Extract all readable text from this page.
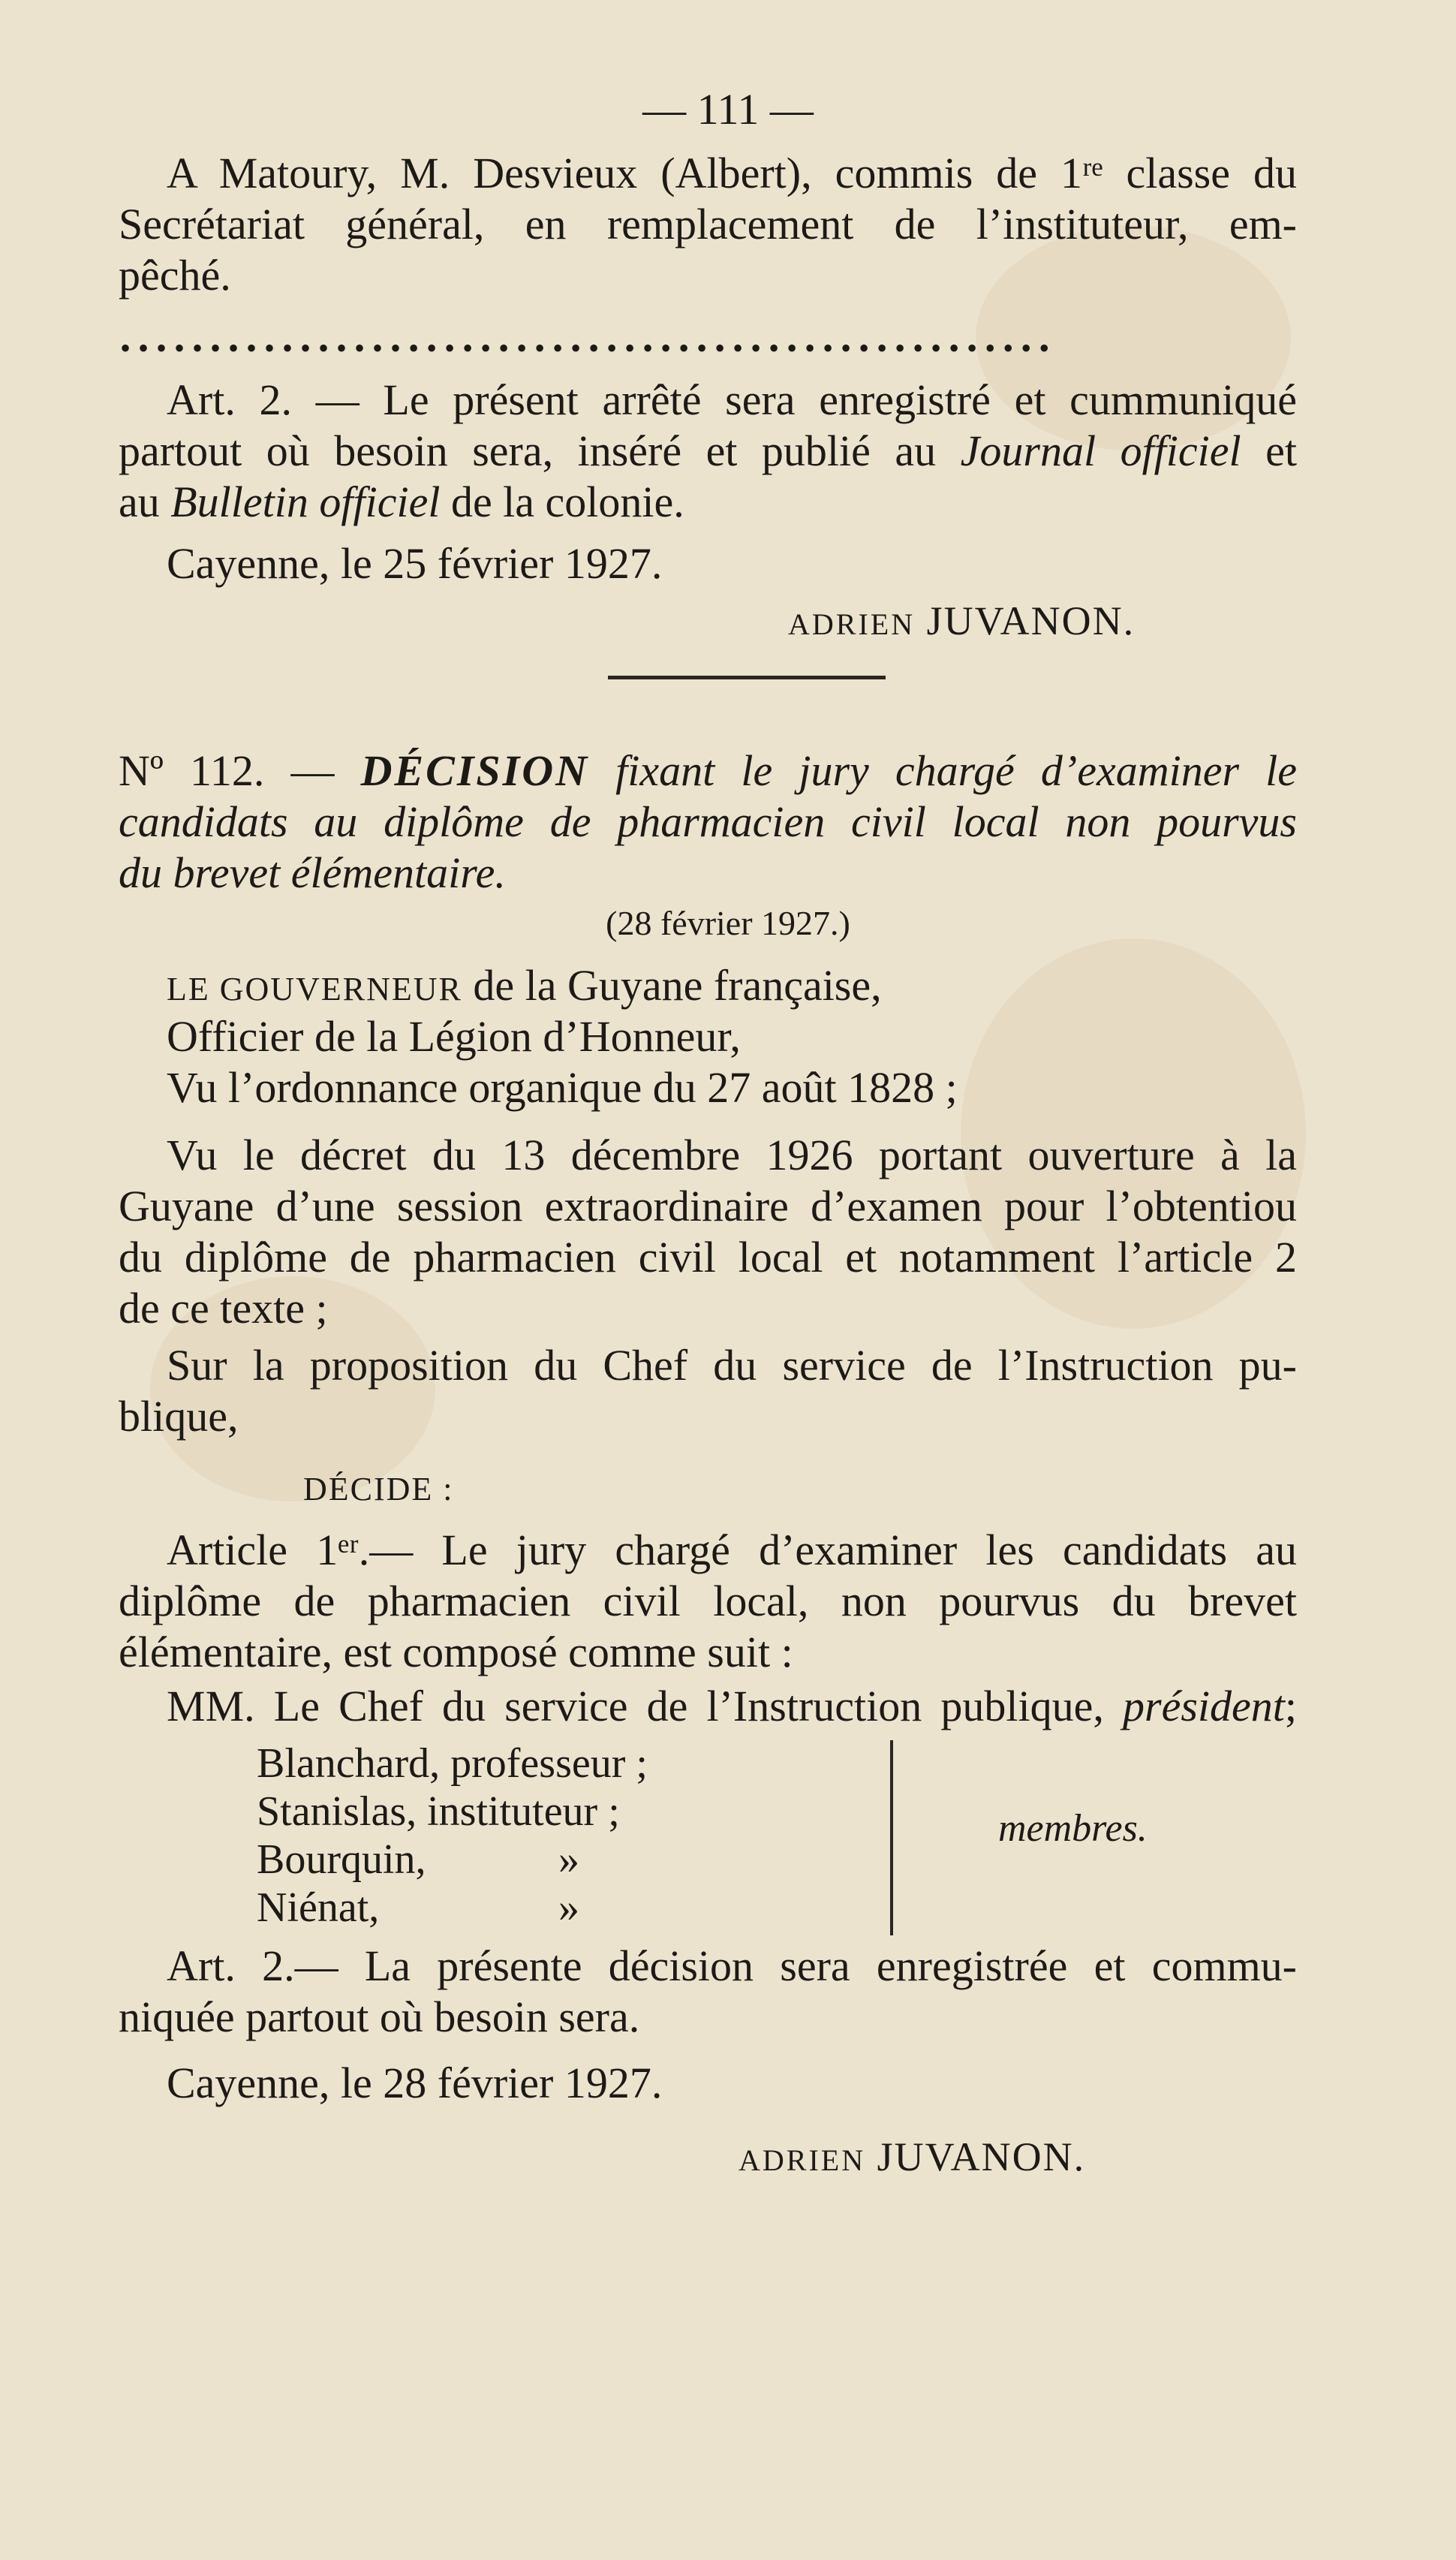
— 111 —
A Matoury, M. Desvieux (Albert), commis de 1ʳᵉ classe du
Secrétariat général, en remplacement de l’instituteur, em-
pêché.
••••••••••••••••••••••••••••••••••••••••••••••••••••
Art. 2. — Le présent arrêté sera enregistré et cummuniqué
partout où besoin sera, inséré et publié au Journal officiel et
au Bulletin officiel de la colonie.
Cayenne, le 25 février 1927.
ADRIEN JUVANON.
Nº 112. — DÉCISION fixant le jury chargé d’examiner le
candidats au diplôme de pharmacien civil local non pourvus
du brevet élémentaire.
(28 février 1927.)
LE GOUVERNEUR de la Guyane française,
Officier de la Légion d’Honneur,
Vu l’ordonnance organique du 27 août 1828 ;
Vu le décret du 13 décembre 1926 portant ouverture à la
Guyane d’une session extraordinaire d’examen pour l’obtentiou
du diplôme de pharmacien civil local et notamment l’article 2
de ce texte ;
Sur la proposition du Chef du service de l’Instruction pu-
blique,
DÉCIDE :
Article 1ᵉʳ.— Le jury chargé d’examiner les candidats au
diplôme de pharmacien civil local, non pourvus du brevet
élémentaire, est composé comme suit :
MM. Le Chef du service de l’Instruction publique, président;
Blanchard, professeur ;
Stanislas, instituteur ;
Bourquin,	»
Niénat,	»
membres.
Art. 2.— La présente décision sera enregistrée et commu-
niquée partout où besoin sera.
Cayenne, le 28 février 1927.
ADRIEN JUVANON.
